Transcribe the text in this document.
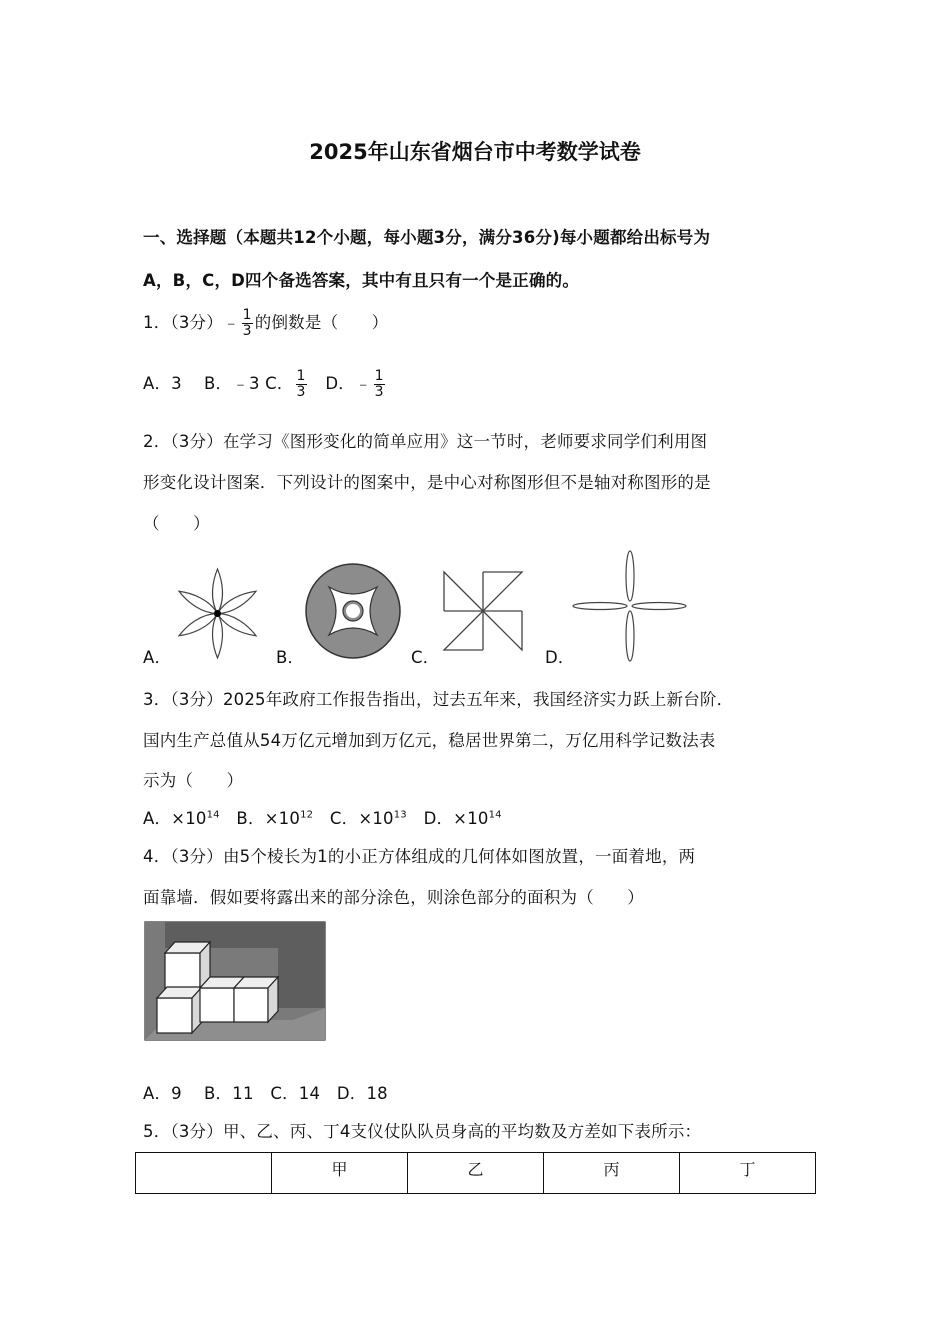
2025年山东省烟台市中考数学试卷
一、选择题（本题共12个小题，每小题3分，满分36分)每小题都给出标号为
A，B，C，D四个备选答案，其中有且只有一个是正确的。
1．（3分）﹣ $\frac{1}{3}$ 的倒数是（　　）
A．3　 B．﹣3 C． $\frac{1}{3}$ 　D．﹣ $\frac{1}{3}$
2．（3分）在学习《图形变化的简单应用》这一节时，老师要求同学们利用图
形变化设计图案．下列设计的图案中，是中心对称图形但不是轴对称图形的是
（　　）
A．	B．	C．	D．
3．（3分）2025年政府工作报告指出，过去五年来，我国经济实力跃上新台阶．
国内生产总值从54万亿元增加到万亿元，稳居世界第二，万亿用科学记数法表
示为（　　）
A．$\times 10^{14}$　B．$\times 10^{12}$　C．$\times 10^{13}$　D．$\times 10^{14}$
4．（3分）由5个棱长为1的小正方体组成的几何体如图放置，一面着地，两
面靠墙．假如要将露出来的部分涂色，则涂色部分的面积为（　　）
A．9　 B．11　C．14　D．18
5．（3分）甲、乙、丙、丁4支仪仗队队员身高的平均数及方差如下表所示：
	甲	乙	丙	丁
